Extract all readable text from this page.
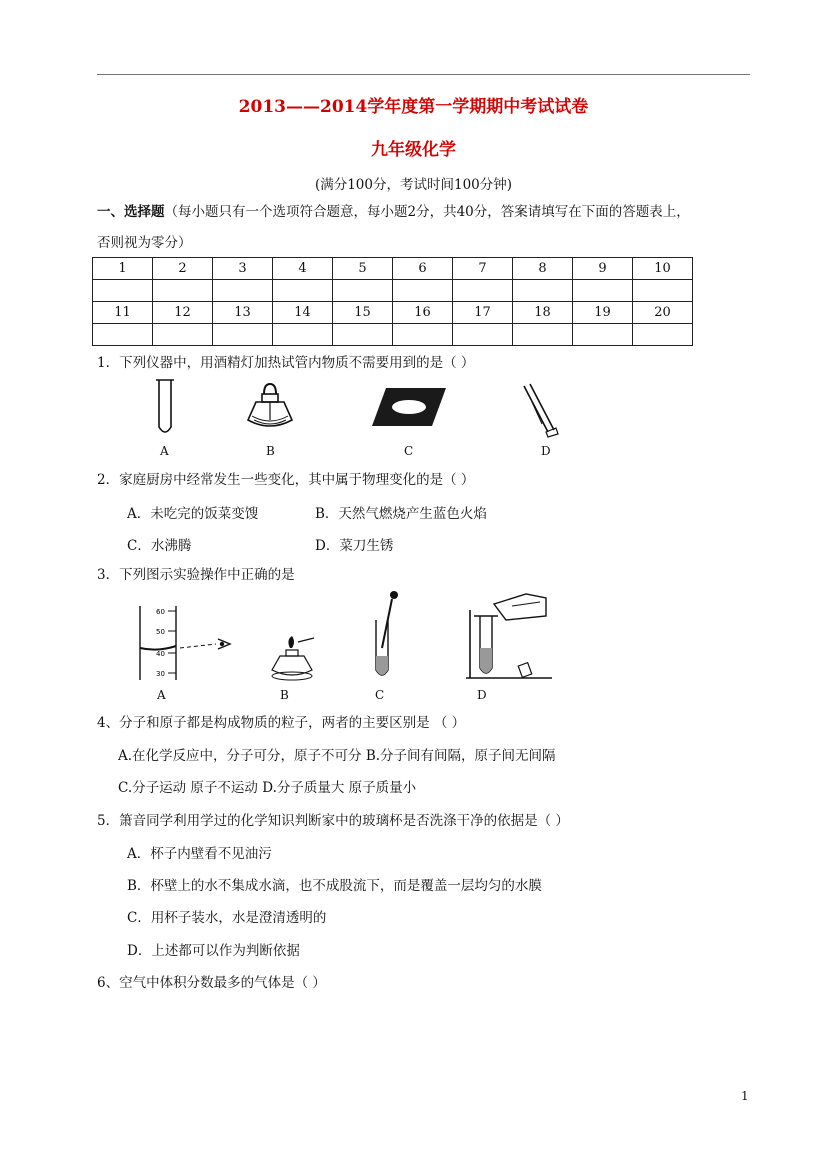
2013——2014学年度第一学期期中考试试卷
九年级化学
(满分100分，考试时间100分钟)
一、选择题（每小题只有一个选项符合题意，每小题2分，共40分，答案请填写在下面的答题表上，
否则视为零分）
1	2	3	4	5	6	7	8	9	10

11	12	13	14	15	16	17	18	19	20

1．下列仪器中，用酒精灯加热试管内物质不需要用到的是（ ）
A	B	C	D
2．家庭厨房中经常发生一些变化，其中属于物理变化的是（ ）
A．未吃完的饭菜变馊	B．天然气燃烧产生蓝色火焰
C．水沸腾	D．菜刀生锈
3．下列图示实验操作中正确的是
60
50
40
30
A	B	C	D
4、分子和原子都是构成物质的粒子，两者的主要区别是 （ ）
A.在化学反应中，分子可分，原子不可分 B.分子间有间隔，原子间无间隔
C.分子运动 原子不运动 D.分子质量大 原子质量小
5．箫音同学利用学过的化学知识判断家中的玻璃杯是否洗涤干净的依据是（ ）
A．杯子内壁看不见油污
B．杯壁上的水不集成水滴，也不成股流下，而是覆盖一层均匀的水膜
C．用杯子装水，水是澄清透明的
D．上述都可以作为判断依据
6、空气中体积分数最多的气体是（ ）
1
